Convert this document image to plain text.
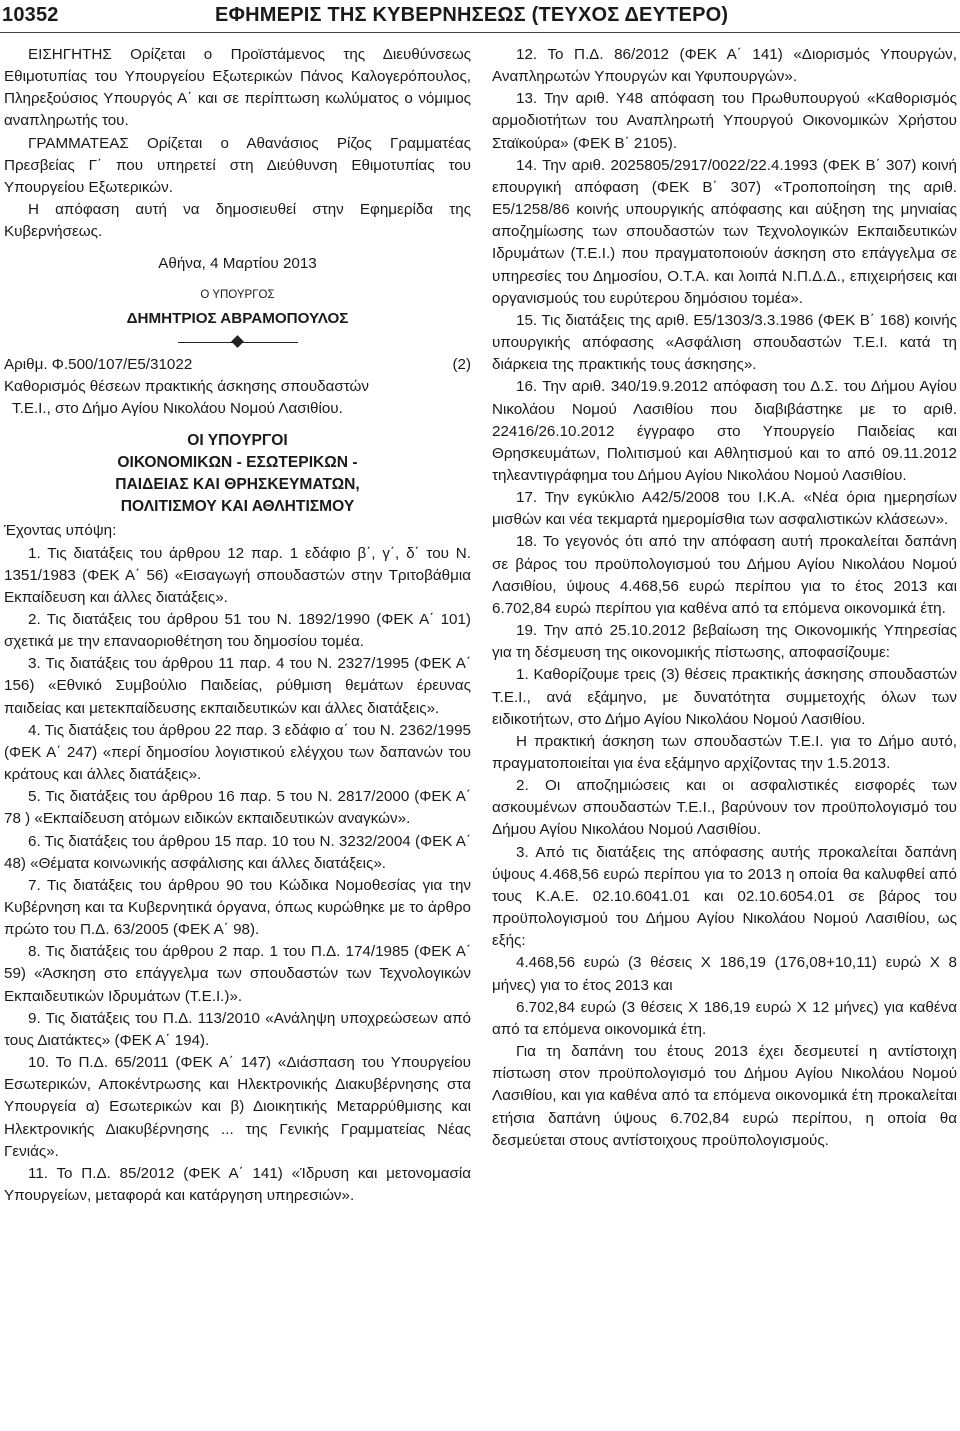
10352	ΕΦΗΜΕΡΙΣ ΤΗΣ ΚΥΒΕΡΝΗΣΕΩΣ (ΤΕΥΧΟΣ ΔΕΥΤΕΡΟ)

ΕΙΣΗΓΗΤΗΣ Ορίζεται ο Προϊστάμενος της Διευθύνσεως Εθιμοτυπίας του Υπουργείου Εξωτερικών Πάνος Καλογερόπουλος, Πληρεξούσιος Υπουργός Α΄ και σε περίπτωση κωλύματος ο νόμιμος αναπληρωτής του.

ΓΡΑΜΜΑΤΕΑΣ Ορίζεται ο Αθανάσιος Ρίζος Γραμματέας Πρεσβείας Γ΄ που υπηρετεί στη Διεύθυνση Εθιμοτυπίας του Υπουργείου Εξωτερικών.

Η απόφαση αυτή να δημοσιευθεί στην Εφημερίδα της Κυβερνήσεως.

Αθήνα, 4 Μαρτίου 2013

Ο ΥΠΟΥΡΓΟΣ

ΔΗΜΗΤΡΙΟΣ ΑΒΡΑΜΟΠΟΥΛΟΣ

Αριθμ. Φ.500/107/Ε5/31022	(2)

Καθορισμός θέσεων πρακτικής άσκησης σπουδαστών

Τ.Ε.Ι., στο Δήμο Αγίου Νικολάου Νομού Λασιθίου.

ΟΙ ΥΠΟΥΡΓΟΙ

ΟΙΚΟΝΟΜΙΚΩΝ - ΕΣΩΤΕΡΙΚΩΝ -

ΠΑΙΔΕΙΑΣ ΚΑΙ ΘΡΗΣΚΕΥΜΑΤΩΝ,

ΠΟΛΙΤΙΣΜΟΥ ΚΑΙ ΑΘΛΗΤΙΣΜΟΥ

Έχοντας υπόψη:

1. Τις διατάξεις του άρθρου 12 παρ. 1 εδάφιο β΄, γ΄, δ΄ του Ν. 1351/1983 (ΦΕΚ Α΄ 56) «Εισαγωγή σπουδαστών στην Τριτοβάθμια Εκπαίδευση και άλλες διατάξεις».

2. Τις διατάξεις του άρθρου 51 του Ν. 1892/1990 (ΦΕΚ Α΄ 101) σχετικά με την επαναοριοθέτηση του δημοσίου τομέα.

3. Τις διατάξεις του άρθρου 11 παρ. 4 του Ν. 2327/1995 (ΦΕΚ Α΄ 156) «Εθνικό Συμβούλιο Παιδείας, ρύθμιση θεμάτων έρευνας παιδείας και μετεκπαίδευσης εκπαιδευτικών και άλλες διατάξεις».

4. Τις διατάξεις του άρθρου 22 παρ. 3 εδάφιο α΄ του Ν. 2362/1995 (ΦΕΚ Α΄ 247) «περί δημοσίου λογιστικού ελέγχου των δαπανών του κράτους και άλλες διατάξεις».

5. Τις διατάξεις του άρθρου 16 παρ. 5 του Ν. 2817/2000 (ΦΕΚ Α΄ 78 ) «Εκπαίδευση ατόμων ειδικών εκπαιδευτικών αναγκών».

6. Τις διατάξεις του άρθρου 15 παρ. 10 του Ν. 3232/2004 (ΦΕΚ Α΄ 48) «Θέματα κοινωνικής ασφάλισης και άλλες διατάξεις».

7. Τις διατάξεις του άρθρου 90 του Κώδικα Νομοθεσίας για την Κυβέρνηση και τα Κυβερνητικά όργανα, όπως κυρώθηκε με το άρθρο πρώτο του Π.Δ. 63/2005 (ΦΕΚ Α΄ 98).

8. Τις διατάξεις του άρθρου 2 παρ. 1 του Π.Δ. 174/1985 (ΦΕΚ Α΄ 59) «Άσκηση στο επάγγελμα των σπουδαστών των Τεχνολογικών Εκπαιδευτικών Ιδρυμάτων (Τ.Ε.Ι.)».

9. Τις διατάξεις του Π.Δ. 113/2010 «Ανάληψη υποχρεώσεων από τους Διατάκτες» (ΦΕΚ Α΄ 194).

10. Το Π.Δ. 65/2011 (ΦΕΚ Α΄ 147) «Διάσπαση του Υπουργείου Εσωτερικών, Αποκέντρωσης και Ηλεκτρονικής Διακυβέρνησης στα Υπουργεία α) Εσωτερικών και β) Διοικητικής Μεταρρύθμισης και Ηλεκτρονικής Διακυβέρνησης ... της Γενικής Γραμματείας Νέας Γενιάς».

11. Το Π.Δ. 85/2012 (ΦΕΚ Α΄ 141) «Ίδρυση και μετονομασία Υπουργείων, μεταφορά και κατάργηση υπηρεσιών».

12. Το Π.Δ. 86/2012 (ΦΕΚ Α΄ 141) «Διορισμός Υπουργών, Αναπληρωτών Υπουργών και Υφυπουργών».

13. Την αριθ. Υ48 απόφαση του Πρωθυπουργού «Καθορισμός αρμοδιοτήτων του Αναπληρωτή Υπουργού Οικονομικών Χρήστου Σταϊκούρα» (ΦΕΚ Β΄ 2105).

14. Την αριθ. 2025805/2917/0022/22.4.1993 (ΦΕΚ Β΄ 307) κοινή επουργική απόφαση (ΦΕΚ Β΄ 307) «Τροποποίηση της αριθ. Ε5/1258/86 κοινής υπουργικής απόφασης και αύξηση της μηνιαίας αποζημίωσης των σπουδαστών των Τεχνολογικών Εκπαιδευτικών Ιδρυμάτων (Τ.Ε.Ι.) που πραγματοποιούν άσκηση στο επάγγελμα σε υπηρεσίες του Δημοσίου, Ο.Τ.Α. και λοιπά Ν.Π.Δ.Δ., επιχειρήσεις και οργανισμούς του ευρύτερου δημόσιου τομέα».

15. Τις διατάξεις της αριθ. Ε5/1303/3.3.1986 (ΦΕΚ Β΄ 168) κοινής υπουργικής απόφασης «Ασφάλιση σπουδαστών Τ.Ε.Ι. κατά τη διάρκεια της πρακτικής τους άσκησης».

16. Την αριθ. 340/19.9.2012 απόφαση του Δ.Σ. του Δήμου Αγίου Νικολάου Νομού Λασιθίου που διαβιβάστηκε με το αριθ. 22416/26.10.2012 έγγραφο στο Υπουργείο Παιδείας και Θρησκευμάτων, Πολιτισμού και Αθλητισμού και το από 09.11.2012 τηλεαντιγράφημα του Δήμου Αγίου Νικολάου Νομού Λασιθίου.

17. Την εγκύκλιο Α42/5/2008 του Ι.Κ.Α. «Νέα όρια ημερησίων μισθών και νέα τεκμαρτά ημερομίσθια των ασφαλιστικών κλάσεων».

18. Το γεγονός ότι από την απόφαση αυτή προκαλείται δαπάνη σε βάρος του προϋπολογισμού του Δήμου Αγίου Νικολάου Νομού Λασιθίου, ύψους 4.468,56 ευρώ περίπου για το έτος 2013 και 6.702,84 ευρώ περίπου για καθένα από τα επόμενα οικονομικά έτη.

19. Την από 25.10.2012 βεβαίωση της Οικονομικής Υπηρεσίας για τη δέσμευση της οικονομικής πίστωσης, αποφασίζουμε:

1. Καθορίζουμε τρεις (3) θέσεις πρακτικής άσκησης σπουδαστών Τ.Ε.Ι., ανά εξάμηνο, με δυνατότητα συμμετοχής όλων των ειδικοτήτων, στο Δήμο Αγίου Νικολάου Νομού Λασιθίου.

Η πρακτική άσκηση των σπουδαστών Τ.Ε.Ι. για το Δήμο αυτό, πραγματοποιείται για ένα εξάμηνο αρχίζοντας την 1.5.2013.

2. Οι αποζημιώσεις και οι ασφαλιστικές εισφορές των ασκουμένων σπουδαστών Τ.Ε.Ι., βαρύνουν τον προϋπολογισμό του Δήμου Αγίου Νικολάου Νομού Λασιθίου.

3. Από τις διατάξεις της απόφασης αυτής προκαλείται δαπάνη ύψους 4.468,56 ευρώ περίπου για το 2013 η οποία θα καλυφθεί από τους Κ.Α.Ε. 02.10.6041.01 και 02.10.6054.01 σε βάρος του προϋπολογισμού του Δήμου Αγίου Νικολάου Νομού Λασιθίου, ως εξής:

4.468,56 ευρώ (3 θέσεις Χ 186,19 (176,08+10,11) ευρώ Χ 8 μήνες) για το έτος 2013 και

6.702,84 ευρώ (3 θέσεις Χ 186,19 ευρώ Χ 12 μήνες) για καθένα από τα επόμενα οικονομικά έτη.

Για τη δαπάνη του έτους 2013 έχει δεσμευτεί η αντίστοιχη πίστωση στον προϋπολογισμό του Δήμου Αγίου Νικολάου Νομού Λασιθίου, και για καθένα από τα επόμενα οικονομικά έτη προκαλείται ετήσια δαπάνη ύψους 6.702,84 ευρώ περίπου, η οποία θα δεσμεύεται στους αντίστοιχους προϋπολογισμούς.
